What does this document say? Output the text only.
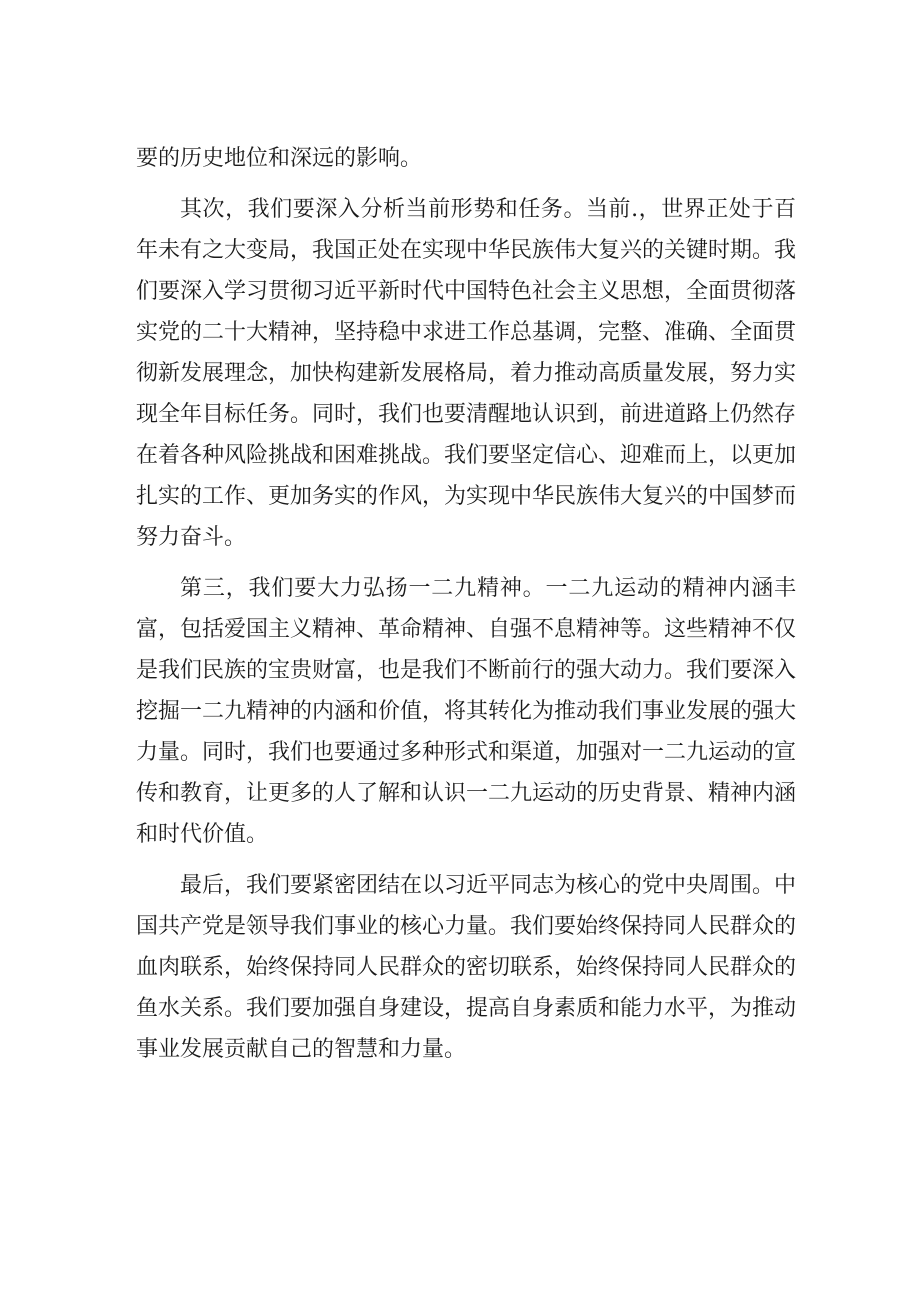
要的历史地位和深远的影响。

其次，我们要深入分析当前形势和任务。当前.，世界正处于百年未有之大变局，我国正处在实现中华民族伟大复兴的关键时期。我们要深入学习贯彻习近平新时代中国特色社会主义思想，全面贯彻落实党的二十大精神，坚持稳中求进工作总基调，完整、准确、全面贯彻新发展理念，加快构建新发展格局，着力推动高质量发展，努力实现全年目标任务。同时，我们也要清醒地认识到，前进道路上仍然存在着各种风险挑战和困难挑战。我们要坚定信心、迎难而上，以更加扎实的工作、更加务实的作风，为实现中华民族伟大复兴的中国梦而努力奋斗。

第三，我们要大力弘扬一二九精神。一二九运动的精神内涵丰富，包括爱国主义精神、革命精神、自强不息精神等。这些精神不仅是我们民族的宝贵财富，也是我们不断前行的强大动力。我们要深入挖掘一二九精神的内涵和价值，将其转化为推动我们事业发展的强大力量。同时，我们也要通过多种形式和渠道，加强对一二九运动的宣传和教育，让更多的人了解和认识一二九运动的历史背景、精神内涵和时代价值。

最后，我们要紧密团结在以习近平同志为核心的党中央周围。中国共产党是领导我们事业的核心力量。我们要始终保持同人民群众的血肉联系，始终保持同人民群众的密切联系，始终保持同人民群众的鱼水关系。我们要加强自身建设，提高自身素质和能力水平，为推动事业发展贡献自己的智慧和力量。
